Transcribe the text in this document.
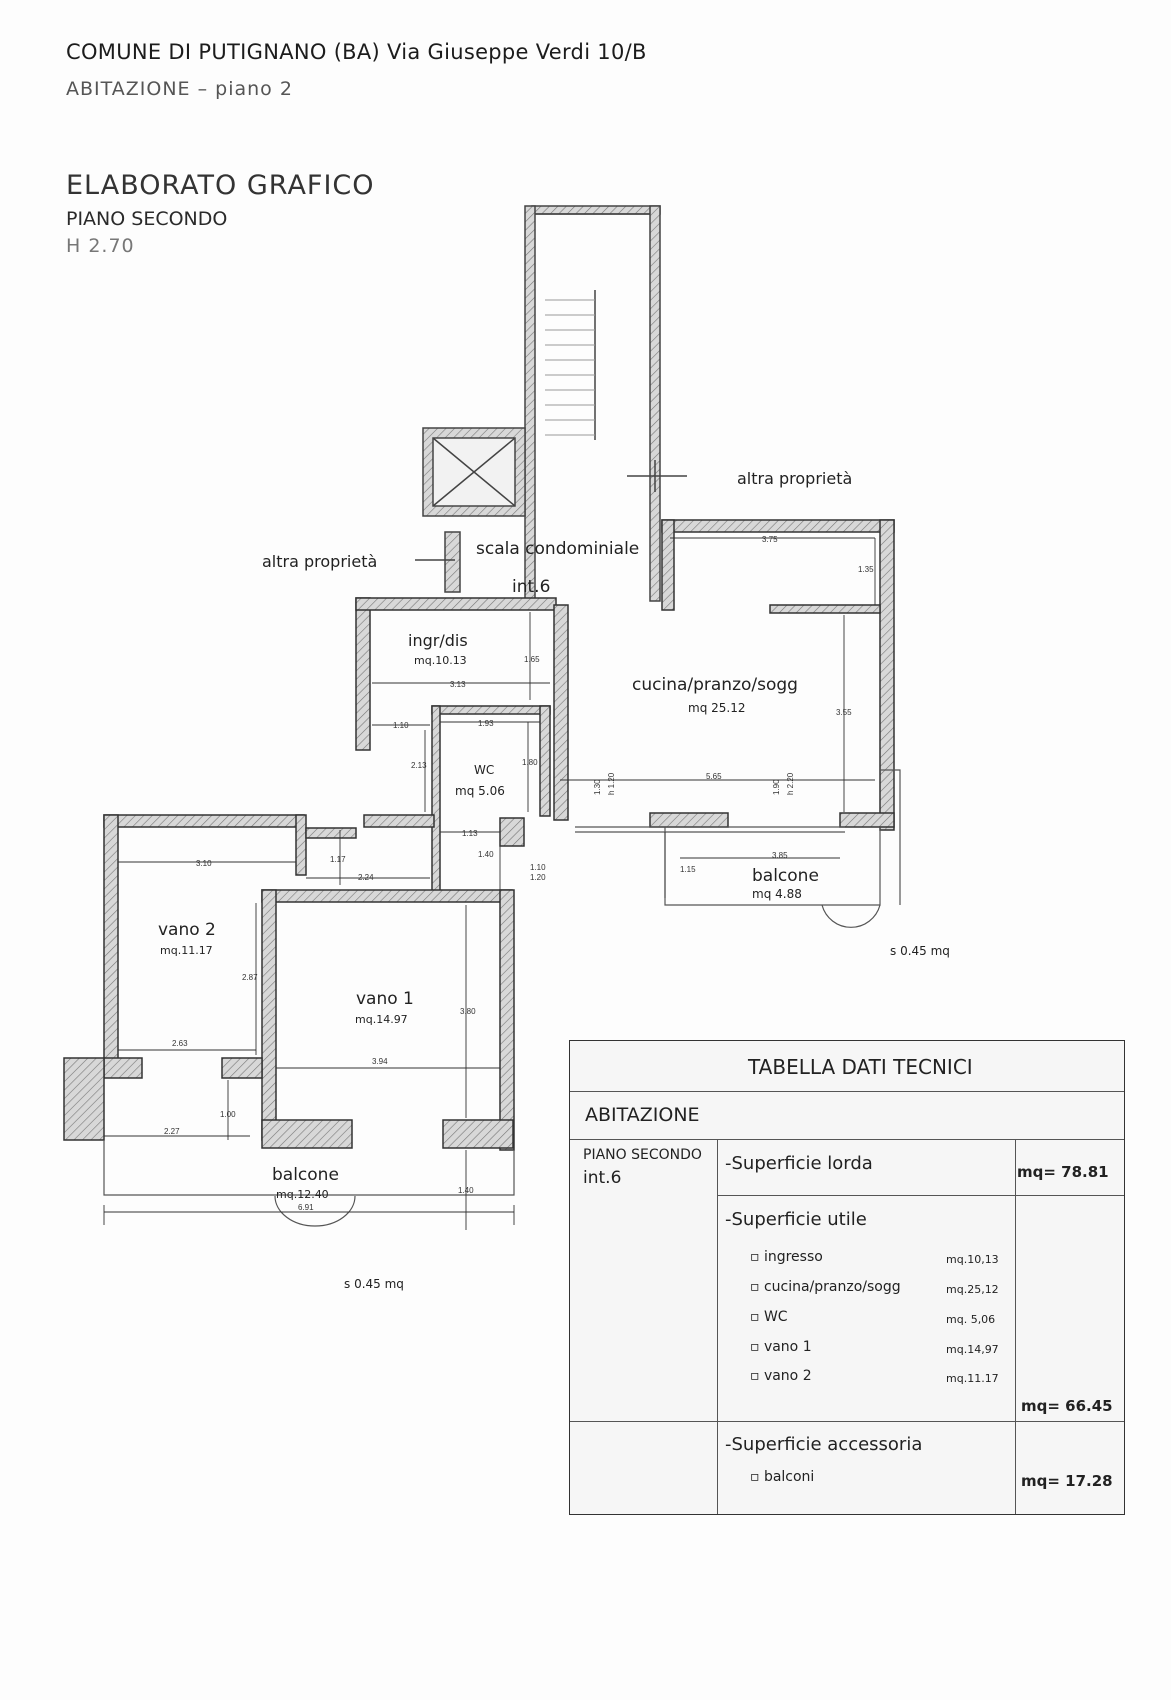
COMUNE DI PUTIGNANO (BA) Via Giuseppe Verdi 10/B
ABITAZIONE – piano 2
ELABORATO GRAFICO
PIANO SECONDO
H 2.70
altra proprietà
altra proprietà
scala condominiale
int.6
ingr/dis
mq.10.13
cucina/pranzo/sogg
mq 25.12
WC
mq 5.06
vano 2
mq.11.17
vano 1
mq.14.97
balcone
mq 4.88
balcone
mq.12.40
s 0.45 mq
s 0.45 mq
3.75
1.35
1.65
3.13
1.10	1.93
2.13	1.80
3.55
5.65
1.30 h 1.20	1.90 h 2.20
1.13
1.40
1.17
2.24
3.10
3.85
1.15
2.87
3.80
2.63
3.94
1.00
2.27
1.40
6.91
1.10
1.20
TABELLA DATI TECNICI
ABITAZIONE
PIANO SECONDO
int.6
-Superficie lorda	mq= 78.81
-Superficie utile
▫ ingresso	mq.10,13
▫ cucina/pranzo/sogg	mq.25,12
▫ WC	mq. 5,06
▫ vano 1	mq.14,97
▫ vano 2	mq.11.17
mq= 66.45
-Superficie accessoria
▫ balconi	mq= 17.28
